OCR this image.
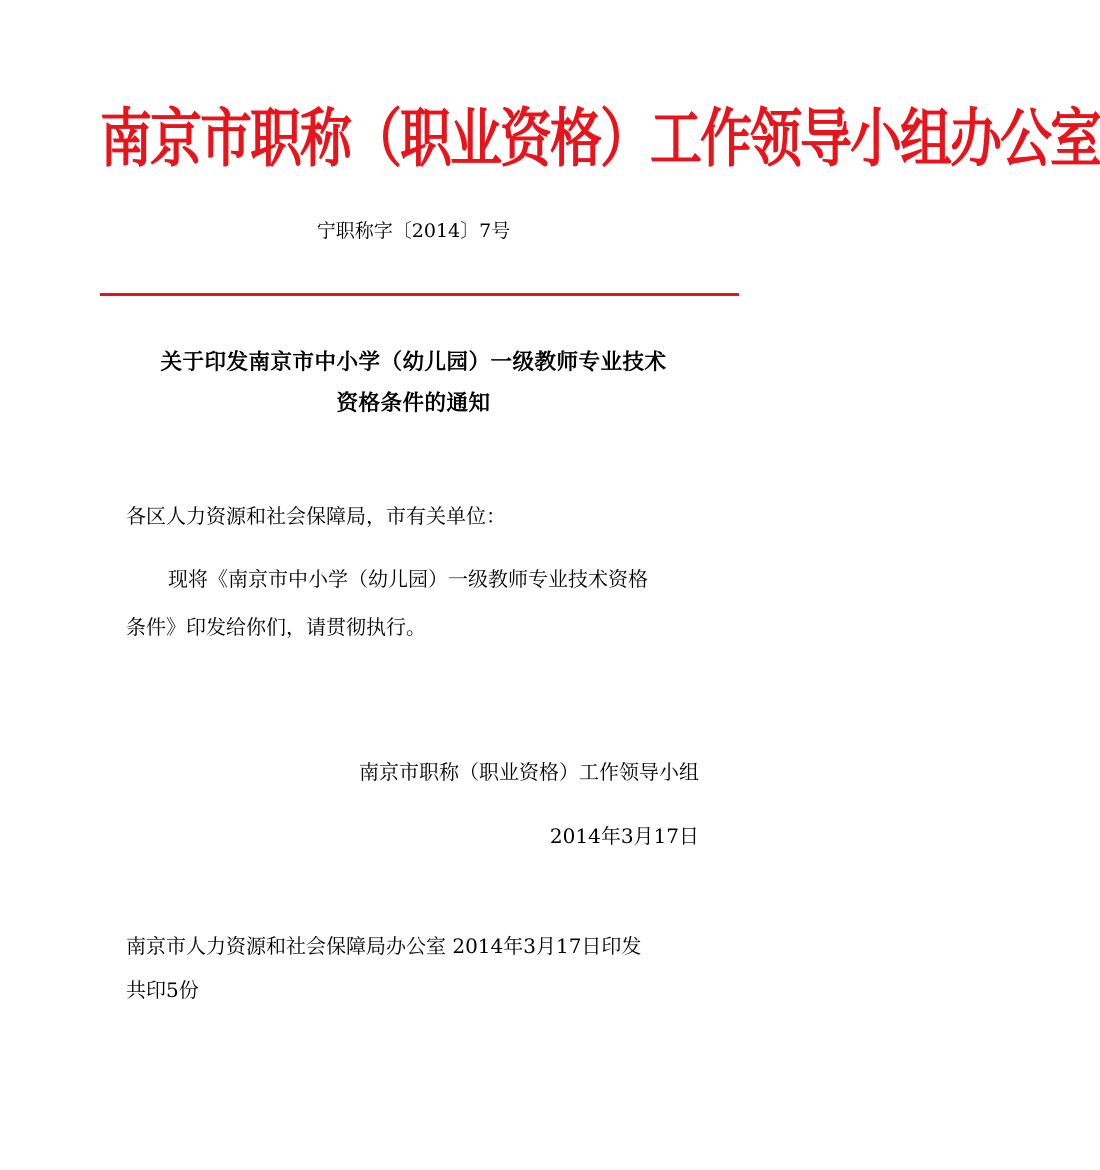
南京市职称（职业资格）工作领导小组办公室
宁职称字〔2014〕7号
关于印发南京市中小学（幼儿园）一级教师专业技术
资格条件的通知
各区人力资源和社会保障局，市有关单位：
现将《南京市中小学（幼儿园）一级教师专业技术资格
条件》印发给你们，请贯彻执行。
南京市职称（职业资格）工作领导小组
2014年3月17日
南京市人力资源和社会保障局办公室 2014年3月17日印发
共印5份
